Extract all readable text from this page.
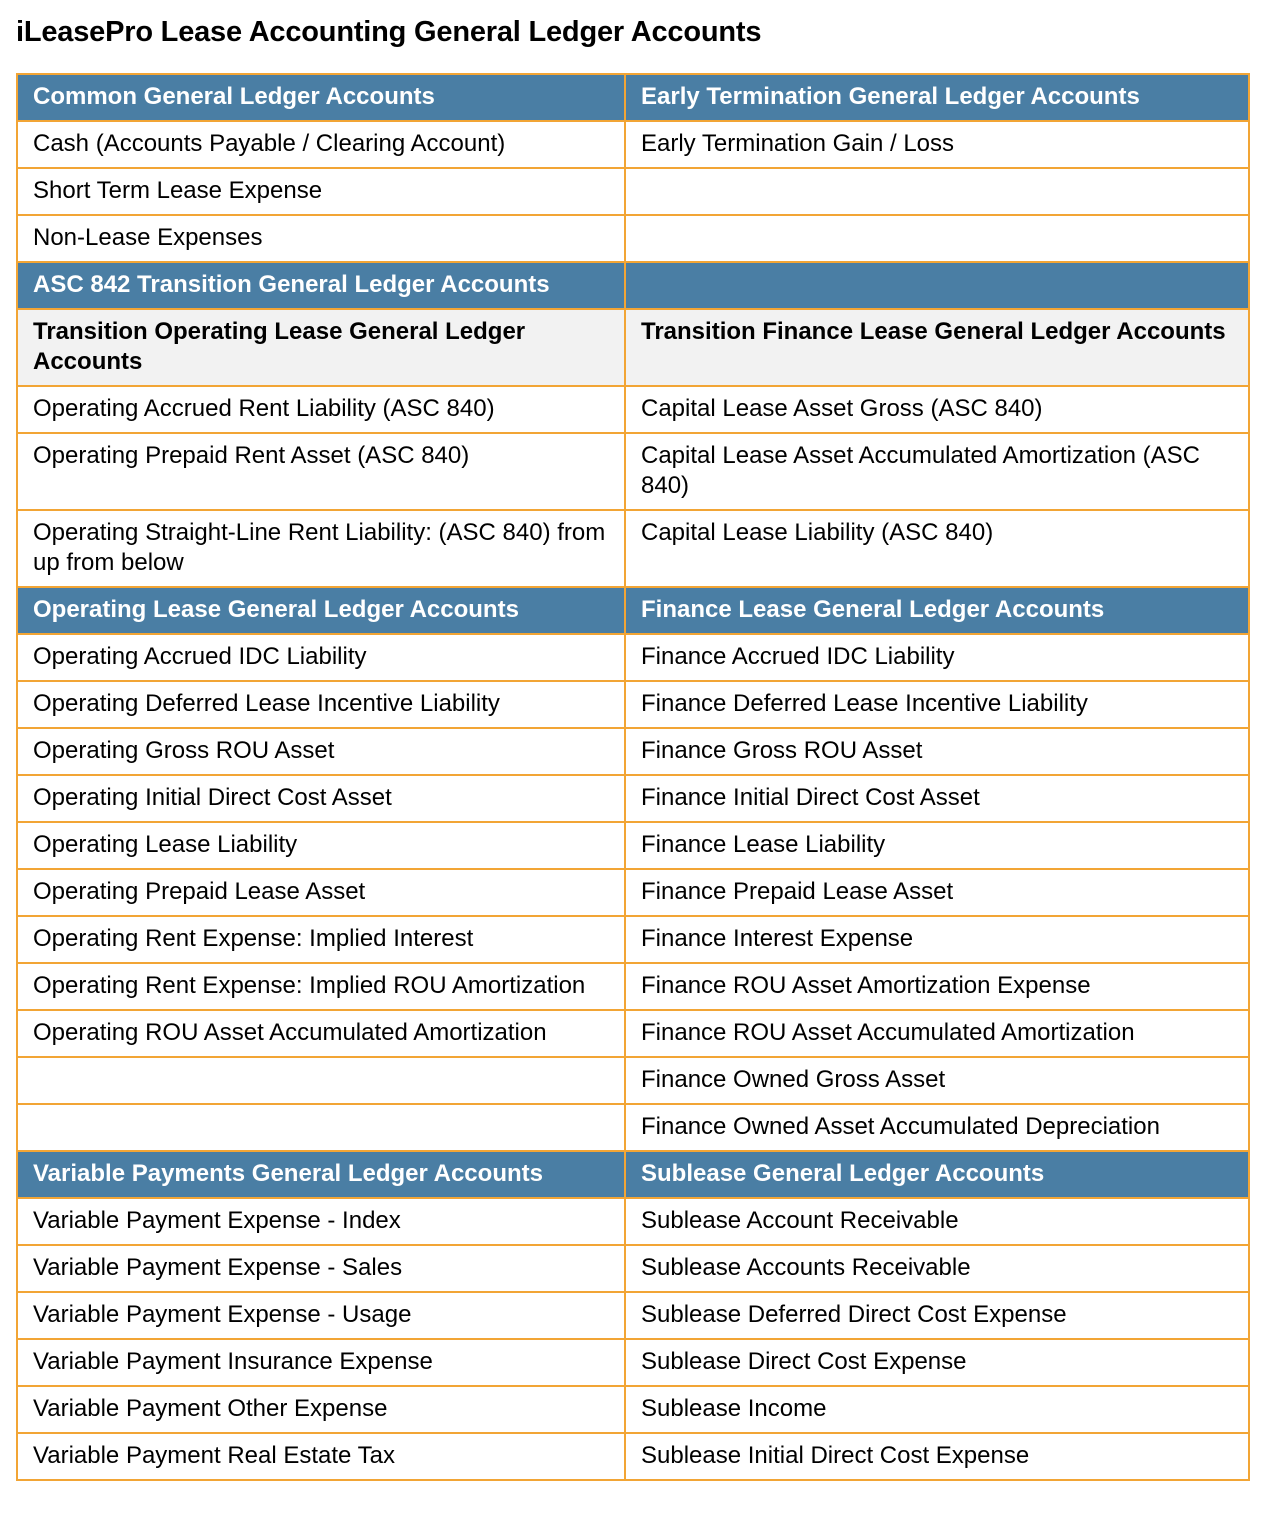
iLeasePro Lease Accounting General Ledger Accounts
Common General Ledger Accounts	Early Termination General Ledger Accounts
Cash (Accounts Payable / Clearing Account)	Early Termination Gain / Loss
Short Term Lease Expense	
Non-Lease Expenses	
ASC 842 Transition General Ledger Accounts	
Transition Operating Lease General Ledger Accounts	Transition Finance Lease General Ledger Accounts
Operating Accrued Rent Liability (ASC 840)	Capital Lease Asset Gross (ASC 840)
Operating Prepaid Rent Asset (ASC 840)	Capital Lease Asset Accumulated Amortization (ASC 840)
Operating Straight-Line Rent Liability: (ASC 840) from up from below	Capital Lease Liability (ASC 840)
Operating Lease General Ledger Accounts	Finance Lease General Ledger Accounts
Operating Accrued IDC Liability	Finance Accrued IDC Liability
Operating Deferred Lease Incentive Liability	Finance Deferred Lease Incentive Liability
Operating Gross ROU Asset	Finance Gross ROU Asset
Operating Initial Direct Cost Asset	Finance Initial Direct Cost Asset
Operating Lease Liability	Finance Lease Liability
Operating Prepaid Lease Asset	Finance Prepaid Lease Asset
Operating Rent Expense: Implied Interest	Finance Interest Expense
Operating Rent Expense: Implied ROU Amortization	Finance ROU Asset Amortization Expense
Operating ROU Asset Accumulated Amortization	Finance ROU Asset Accumulated Amortization
	Finance Owned Gross Asset
	Finance Owned Asset Accumulated Depreciation
Variable Payments General Ledger Accounts	Sublease General Ledger Accounts
Variable Payment Expense - Index	Sublease Account Receivable
Variable Payment Expense - Sales	Sublease Accounts Receivable
Variable Payment Expense - Usage	Sublease Deferred Direct Cost Expense
Variable Payment Insurance Expense	Sublease Direct Cost Expense
Variable Payment Other Expense	Sublease Income
Variable Payment Real Estate Tax	Sublease Initial Direct Cost Expense
